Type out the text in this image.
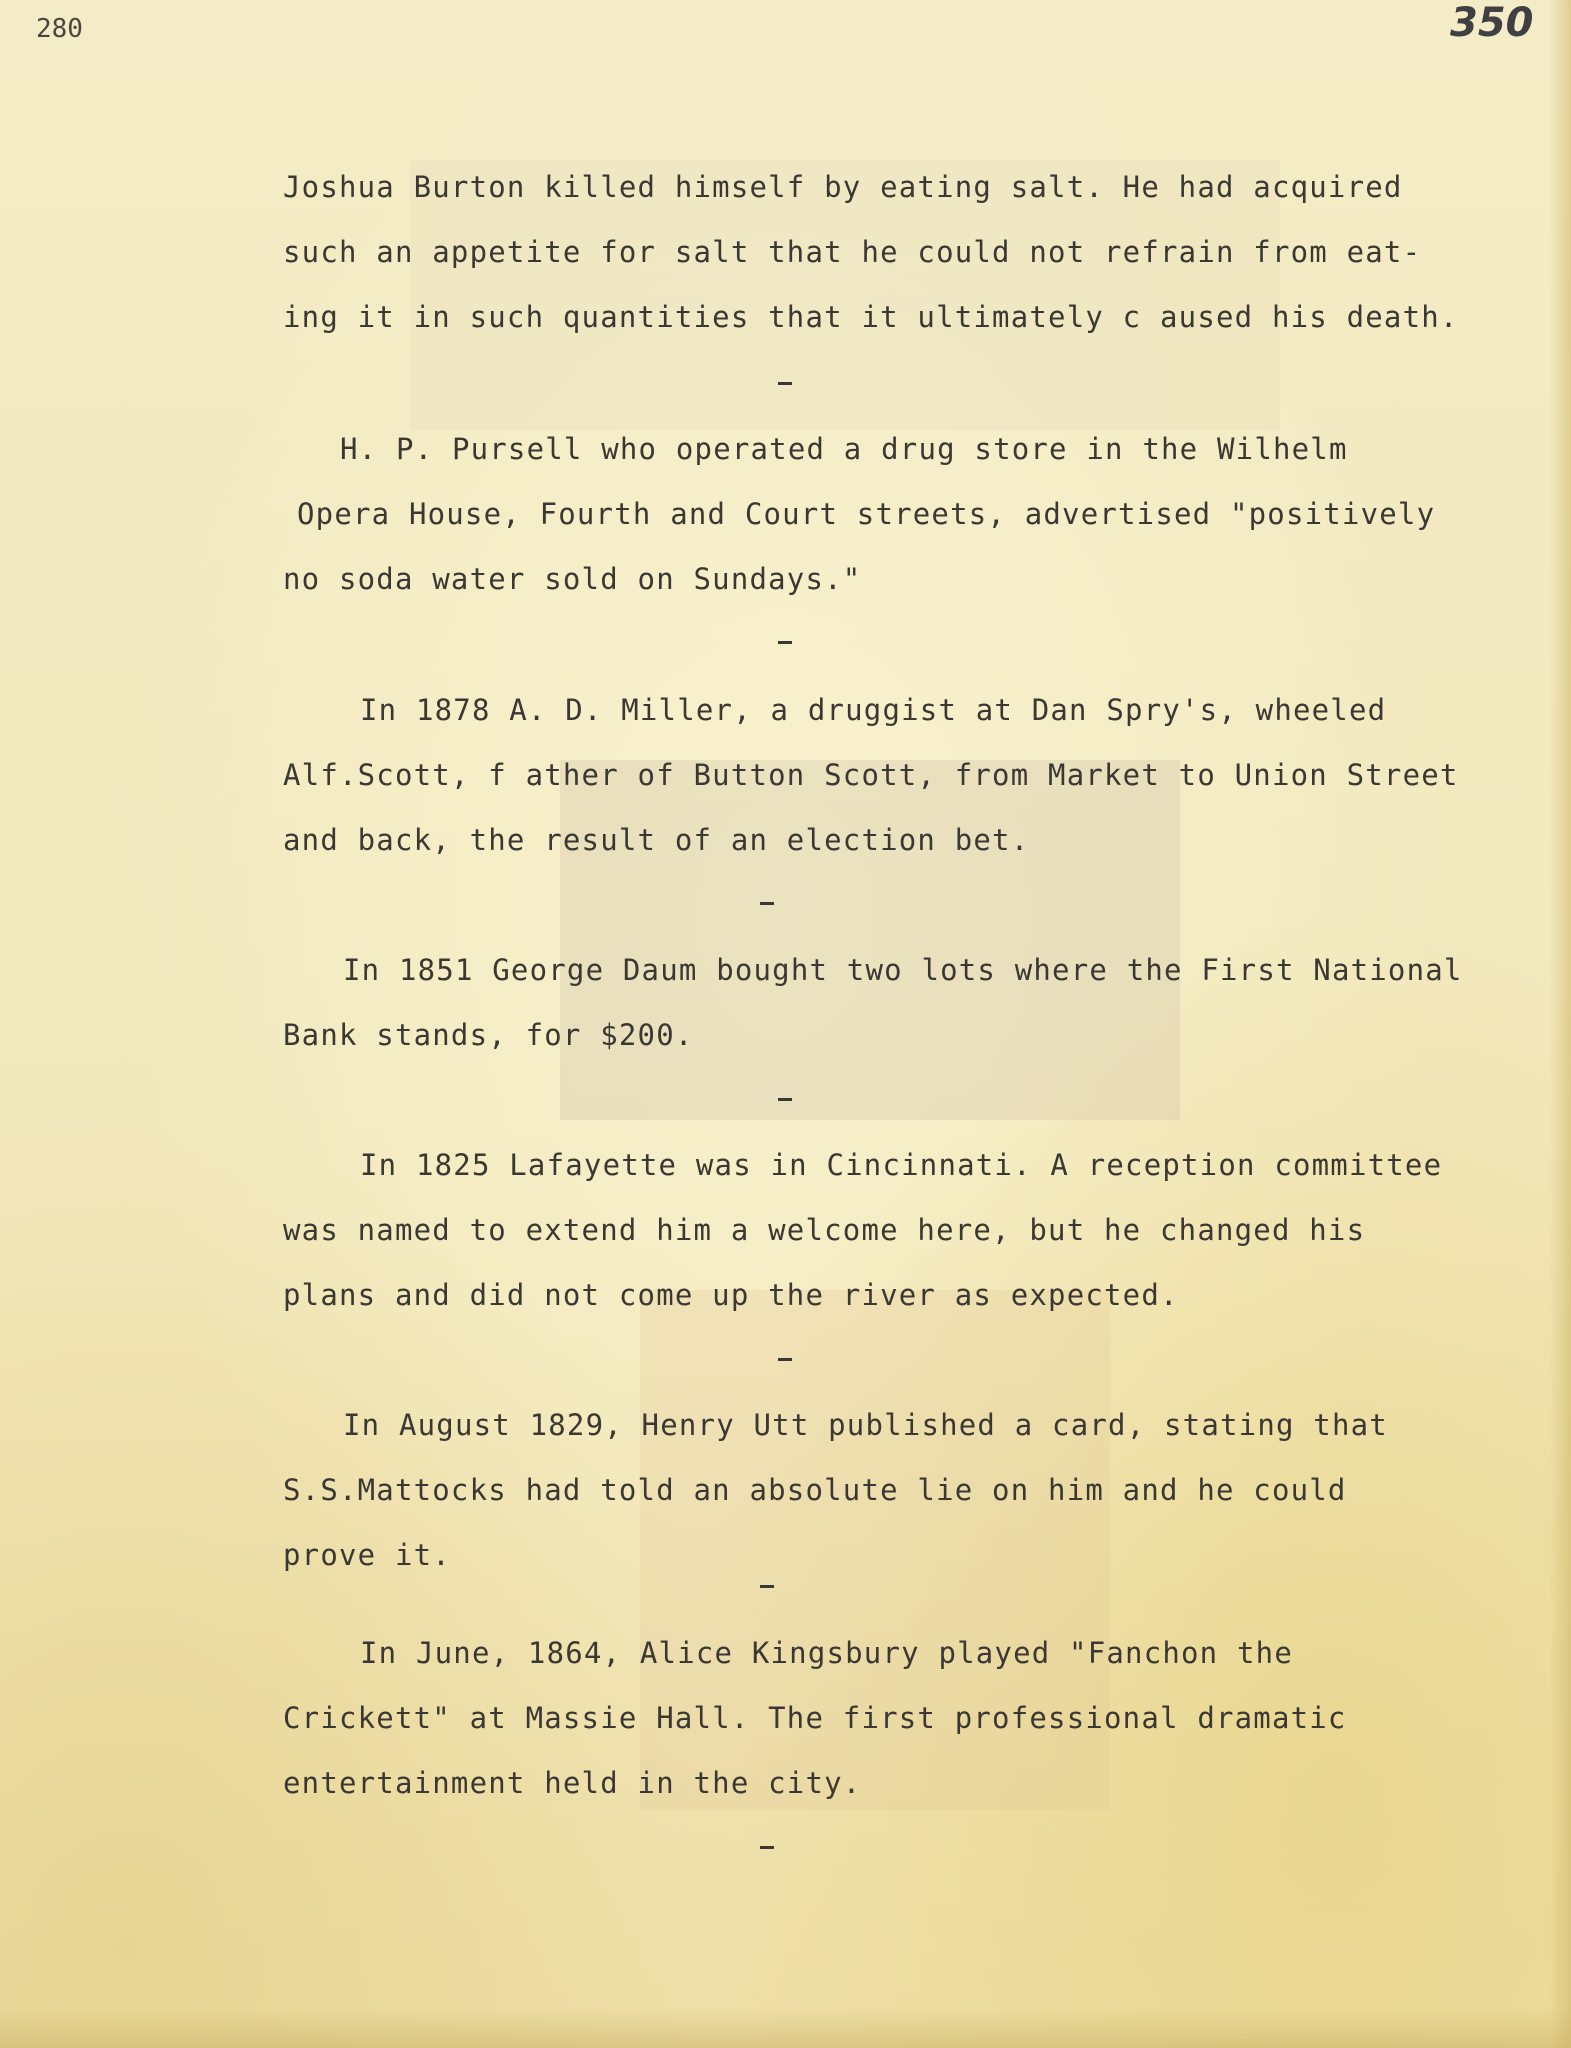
280	350
Joshua Burton killed himself by eating salt. He had acquired
such an appetite for salt that he could not refrain from eat-
ing it in such quantities that it ultimately c aused his death.
H. P. Pursell who operated a drug store in the Wilhelm
Opera House, Fourth and Court streets, advertised "positively
no soda water sold on Sundays."
In 1878 A. D. Miller, a druggist at Dan Spry's, wheeled
Alf.Scott, f ather of Button Scott, from Market to Union Street
and back, the result of an election bet.
In 1851 George Daum bought two lots where the First National
Bank stands, for $200.
In 1825 Lafayette was in Cincinnati. A reception committee
was named to extend him a welcome here, but he changed his
plans and did not come up the river as expected.
In August 1829, Henry Utt published a card, stating that
S.S.Mattocks had told an absolute lie on him and he could
prove it.
In June, 1864, Alice Kingsbury played "Fanchon the
Crickett" at Massie Hall. The first professional dramatic
entertainment held in the city.
